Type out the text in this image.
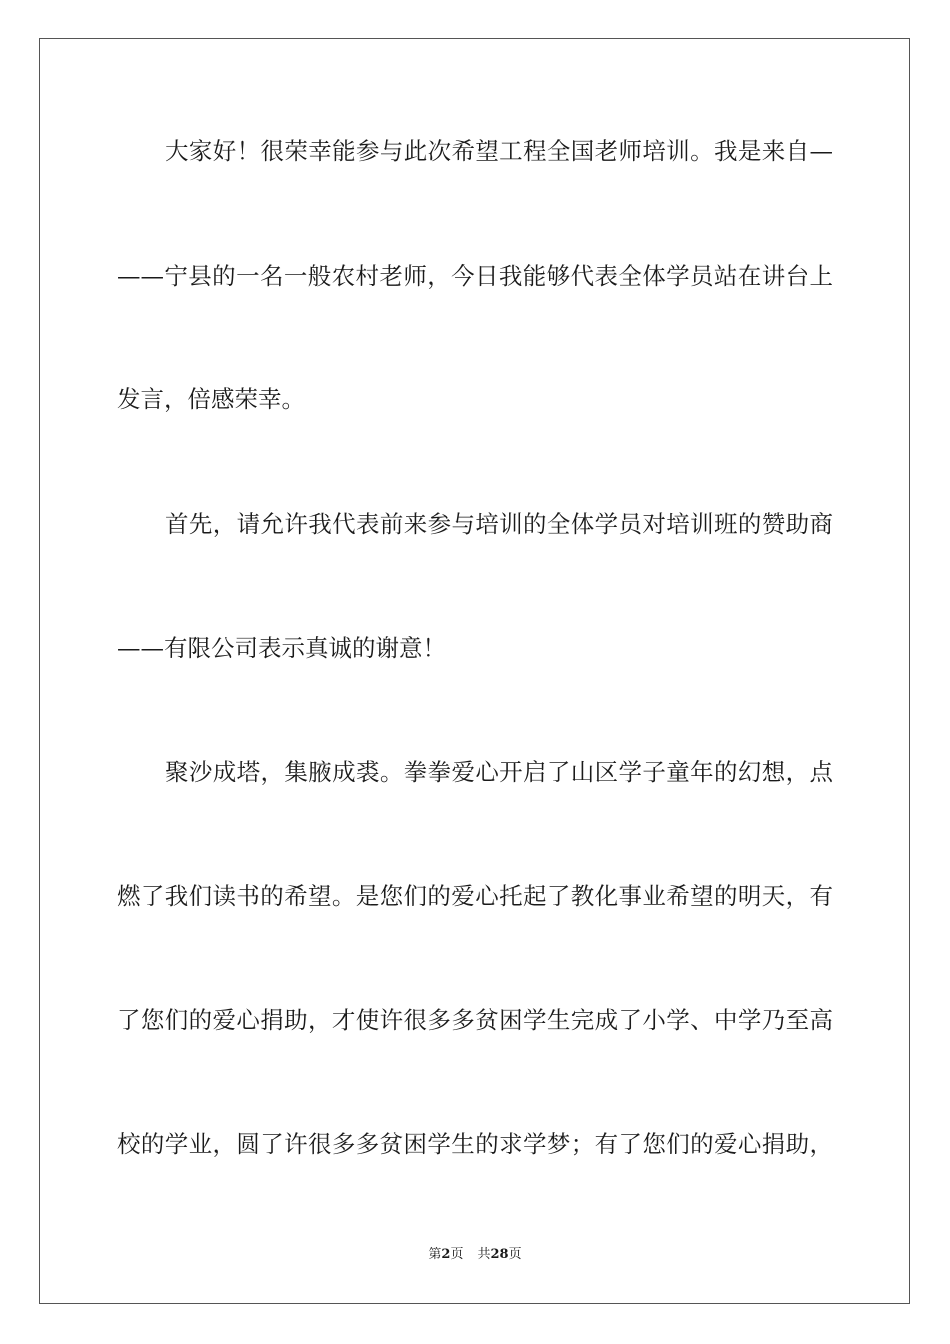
大家好！很荣幸能参与此次希望工程全国老师培训。我是来自—
——宁县的一名一般农村老师，今日我能够代表全体学员站在讲台上
发言，倍感荣幸。
首先，请允许我代表前来参与培训的全体学员对培训班的赞助商
——有限公司表示真诚的谢意！
聚沙成塔，集腋成裘。拳拳爱心开启了山区学子童年的幻想，点
燃了我们读书的希望。是您们的爱心托起了教化事业希望的明天，有
了您们的爱心捐助，才使许很多多贫困学生完成了小学、中学乃至高
校的学业，圆了许很多多贫困学生的求学梦；有了您们的爱心捐助，
第2页 共28页
